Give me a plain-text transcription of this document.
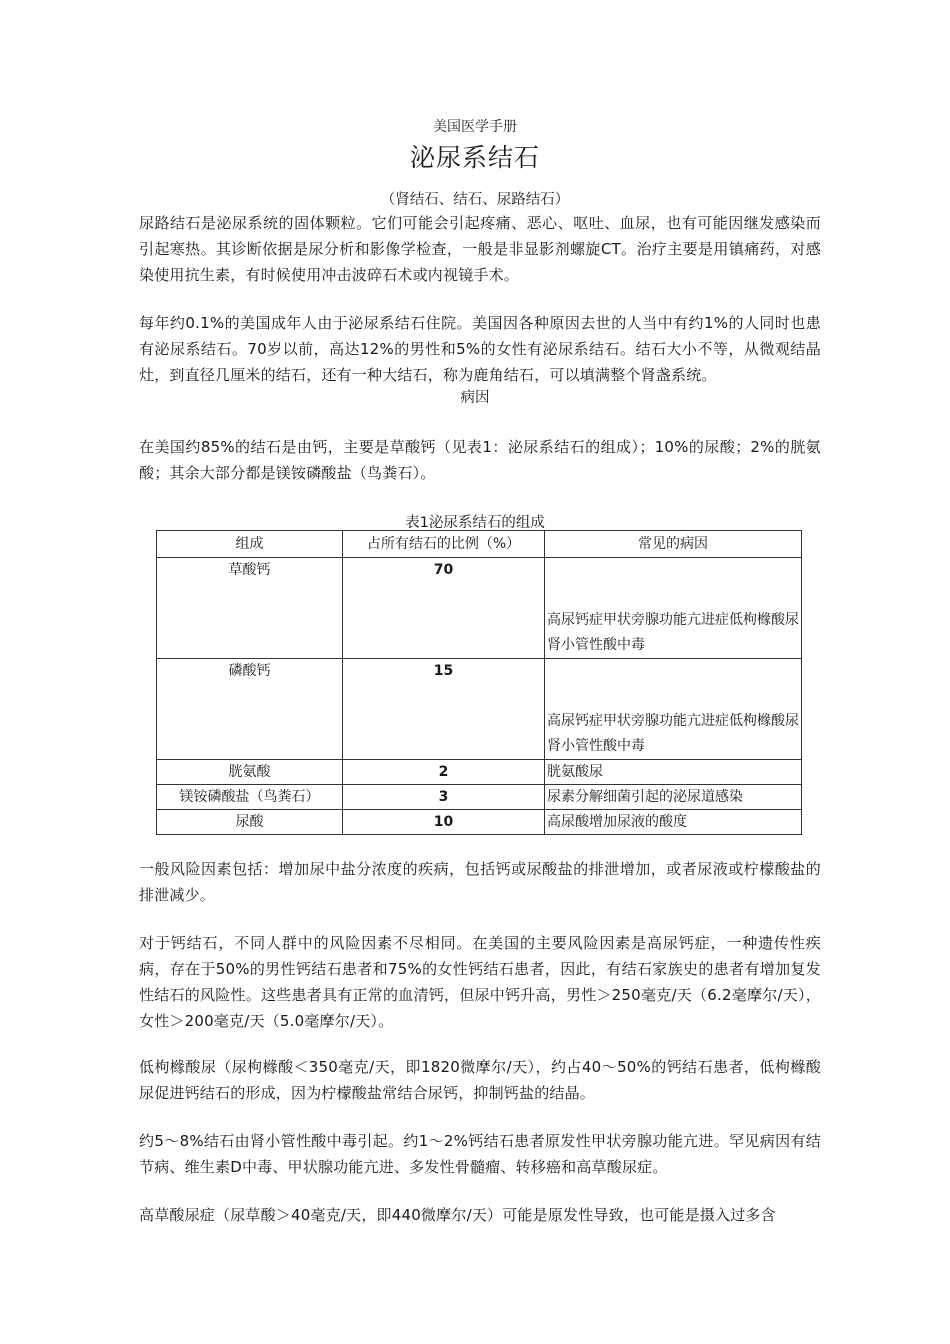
美国医学手册
泌尿系结石
（肾结石、结石、尿路结石）

尿路结石是泌尿系统的固体颗粒。它们可能会引起疼痛、恶心、呕吐、血尿，也有可能因继发感染而引起寒热。其诊断依据是尿分析和影像学检查，一般是非显影剂螺旋CT。治疗主要是用镇痛药，对感染使用抗生素，有时候使用冲击波碎石术或内视镜手术。

每年约0.1%的美国成年人由于泌尿系结石住院。美国因各种原因去世的人当中有约1%的人同时也患有泌尿系结石。70岁以前，高达12%的男性和5%的女性有泌尿系结石。结石大小不等，从微观结晶灶，到直径几厘米的结石，还有一种大结石，称为鹿角结石，可以填满整个肾盏系统。

病因

在美国约85%的结石是由钙，主要是草酸钙（见表1：泌尿系结石的组成）；10%的尿酸；2%的胱氨酸；其余大部分都是镁铵磷酸盐（鸟粪石）。

表1泌尿系结石的组成
组成	占所有结石的比例（%）	常见的病因
草酸钙	70	高尿钙症甲状旁腺功能亢进症低枸橼酸尿肾小管性酸中毒
磷酸钙	15	高尿钙症甲状旁腺功能亢进症低枸橼酸尿肾小管性酸中毒
胱氨酸	2	胱氨酸尿
镁铵磷酸盐（鸟粪石）	3	尿素分解细菌引起的泌尿道感染
尿酸	10	高尿酸增加尿液的酸度

一般风险因素包括：增加尿中盐分浓度的疾病，包括钙或尿酸盐的排泄增加，或者尿液或柠檬酸盐的排泄减少。

对于钙结石，不同人群中的风险因素不尽相同。在美国的主要风险因素是高尿钙症，一种遗传性疾病，存在于50%的男性钙结石患者和75%的女性钙结石患者，因此，有结石家族史的患者有增加复发性结石的风险性。这些患者具有正常的血清钙，但尿中钙升高，男性＞250毫克/天（6.2毫摩尔/天），女性＞200毫克/天（5.0毫摩尔/天）。

低枸橼酸尿（尿枸橼酸＜350毫克/天，即1820微摩尔/天），约占40～50%的钙结石患者，低枸橼酸尿促进钙结石的形成，因为柠檬酸盐常结合尿钙，抑制钙盐的结晶。

约5～8%结石由肾小管性酸中毒引起。约1～2%钙结石患者原发性甲状旁腺功能亢进。罕见病因有结节病、维生素D中毒、甲状腺功能亢进、多发性骨髓瘤、转移癌和高草酸尿症。

高草酸尿症（尿草酸＞40毫克/天，即440微摩尔/天）可能是原发性导致，也可能是摄入过多含
